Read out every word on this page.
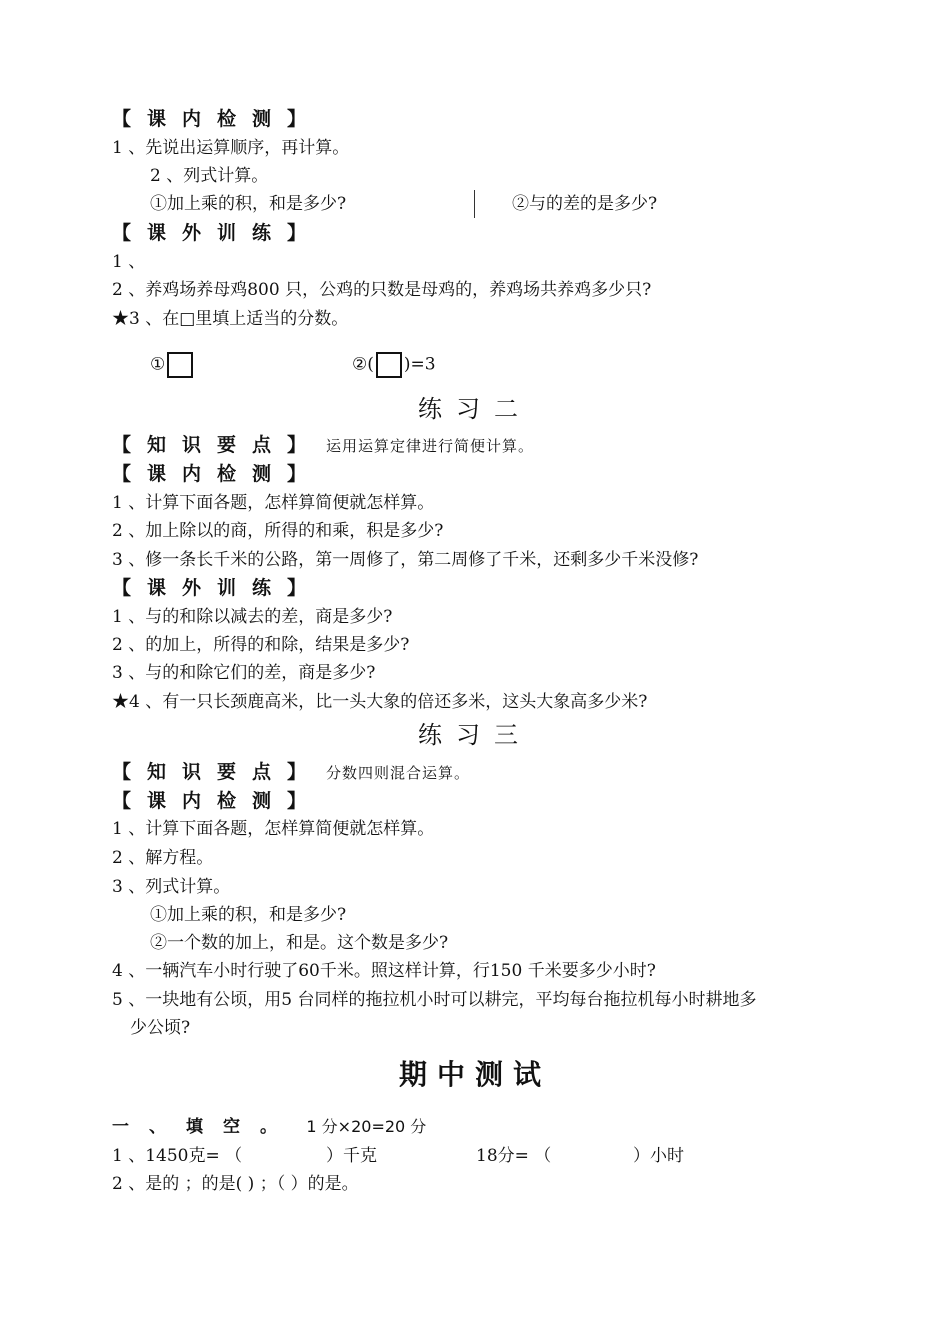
【课内检测】
1 、先说出运算顺序，再计算。
2 、列式计算。
①加上乘的积，和是多少?	②与的差的是多少?
【课外训练】
1 、
2 、养鸡场养母鸡800 只，公鸡的只数是母鸡的，养鸡场共养鸡多少只?
★3 、在□里填上适当的分数。
①	②( )=3
练习二
【知识要点】 运用运算定律进行简便计算。
【课内检测】
1 、计算下面各题，怎样算简便就怎样算。
2 、加上除以的商，所得的和乘，积是多少?
3 、修一条长千米的公路，第一周修了，第二周修了千米，还剩多少千米没修?
【课外训练】
1 、与的和除以减去的差，商是多少?
2 、的加上，所得的和除，结果是多少?
3 、与的和除它们的差，商是多少?
★4 、有一只长颈鹿高米，比一头大象的倍还多米，这头大象高多少米?
练习三
【知识要点】 分数四则混合运算。
【课内检测】
1 、计算下面各题，怎样算简便就怎样算。
2 、解方程。
3 、列式计算。
①加上乘的积，和是多少?
②一个数的加上，和是。这个数是多少?
4 、一辆汽车小时行驶了60千米。照这样计算，行150 千米要多少小时?
5 、一块地有公顷，用5 台同样的拖拉机小时可以耕完，平均每台拖拉机每小时耕地多
少公顷?
期中测试
一、填空。 1 分×20=20 分
1 、1450克= （	）千克	18分= （	）小时
2 、是的 ；的是( ) ；（ ）的是。
